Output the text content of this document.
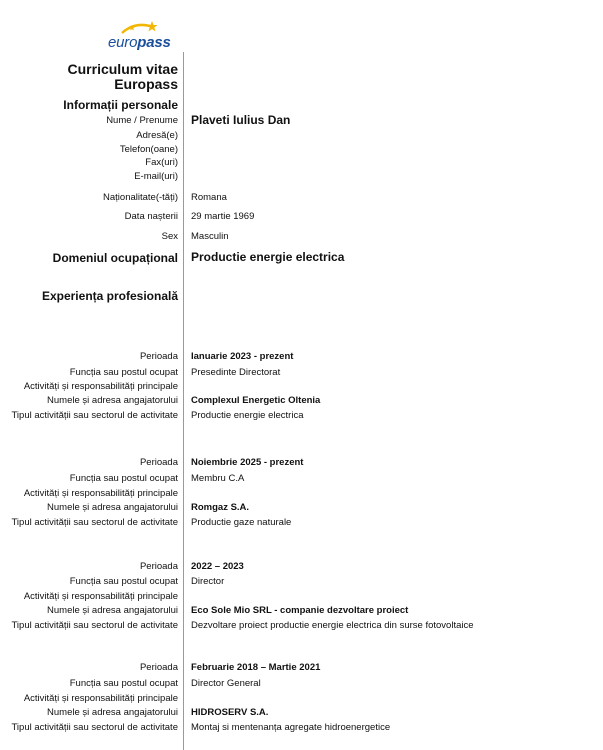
europass
Curriculum vitae
Europass
Informații personale
Nume / Prenume Plaveti Iulius Dan
Adresă(e)
Telefon(oane)
Fax(uri)
E-mail(uri)
Naționalitate(-tăți) Romana
Data nașterii 29 martie 1969
Sex Masculin
Domeniul ocupațional Productie energie electrica
Experiența profesională
Perioada Ianuarie 2023 - prezent
Funcția sau postul ocupat Presedinte Directorat
Activități și responsabilități principale
Numele și adresa angajatorului Complexul Energetic Oltenia
Tipul activității sau sectorul de activitate Productie energie electrica
Perioada Noiembrie 2025 - prezent
Funcția sau postul ocupat Membru C.A
Activități și responsabilități principale
Numele și adresa angajatorului Romgaz S.A.
Tipul activității sau sectorul de activitate Productie gaze naturale
Perioada 2022 – 2023
Funcția sau postul ocupat Director
Activități și responsabilități principale
Numele și adresa angajatorului Eco Sole Mio SRL - companie dezvoltare proiect
Tipul activității sau sectorul de activitate Dezvoltare proiect productie energie electrica din surse fotovoltaice
Perioada Februarie 2018 – Martie 2021
Funcția sau postul ocupat Director General
Activități și responsabilități principale
Numele și adresa angajatorului HIDROSERV S.A.
Tipul activității sau sectorul de activitate Montaj si mentenanța agregate hidroenergetice
